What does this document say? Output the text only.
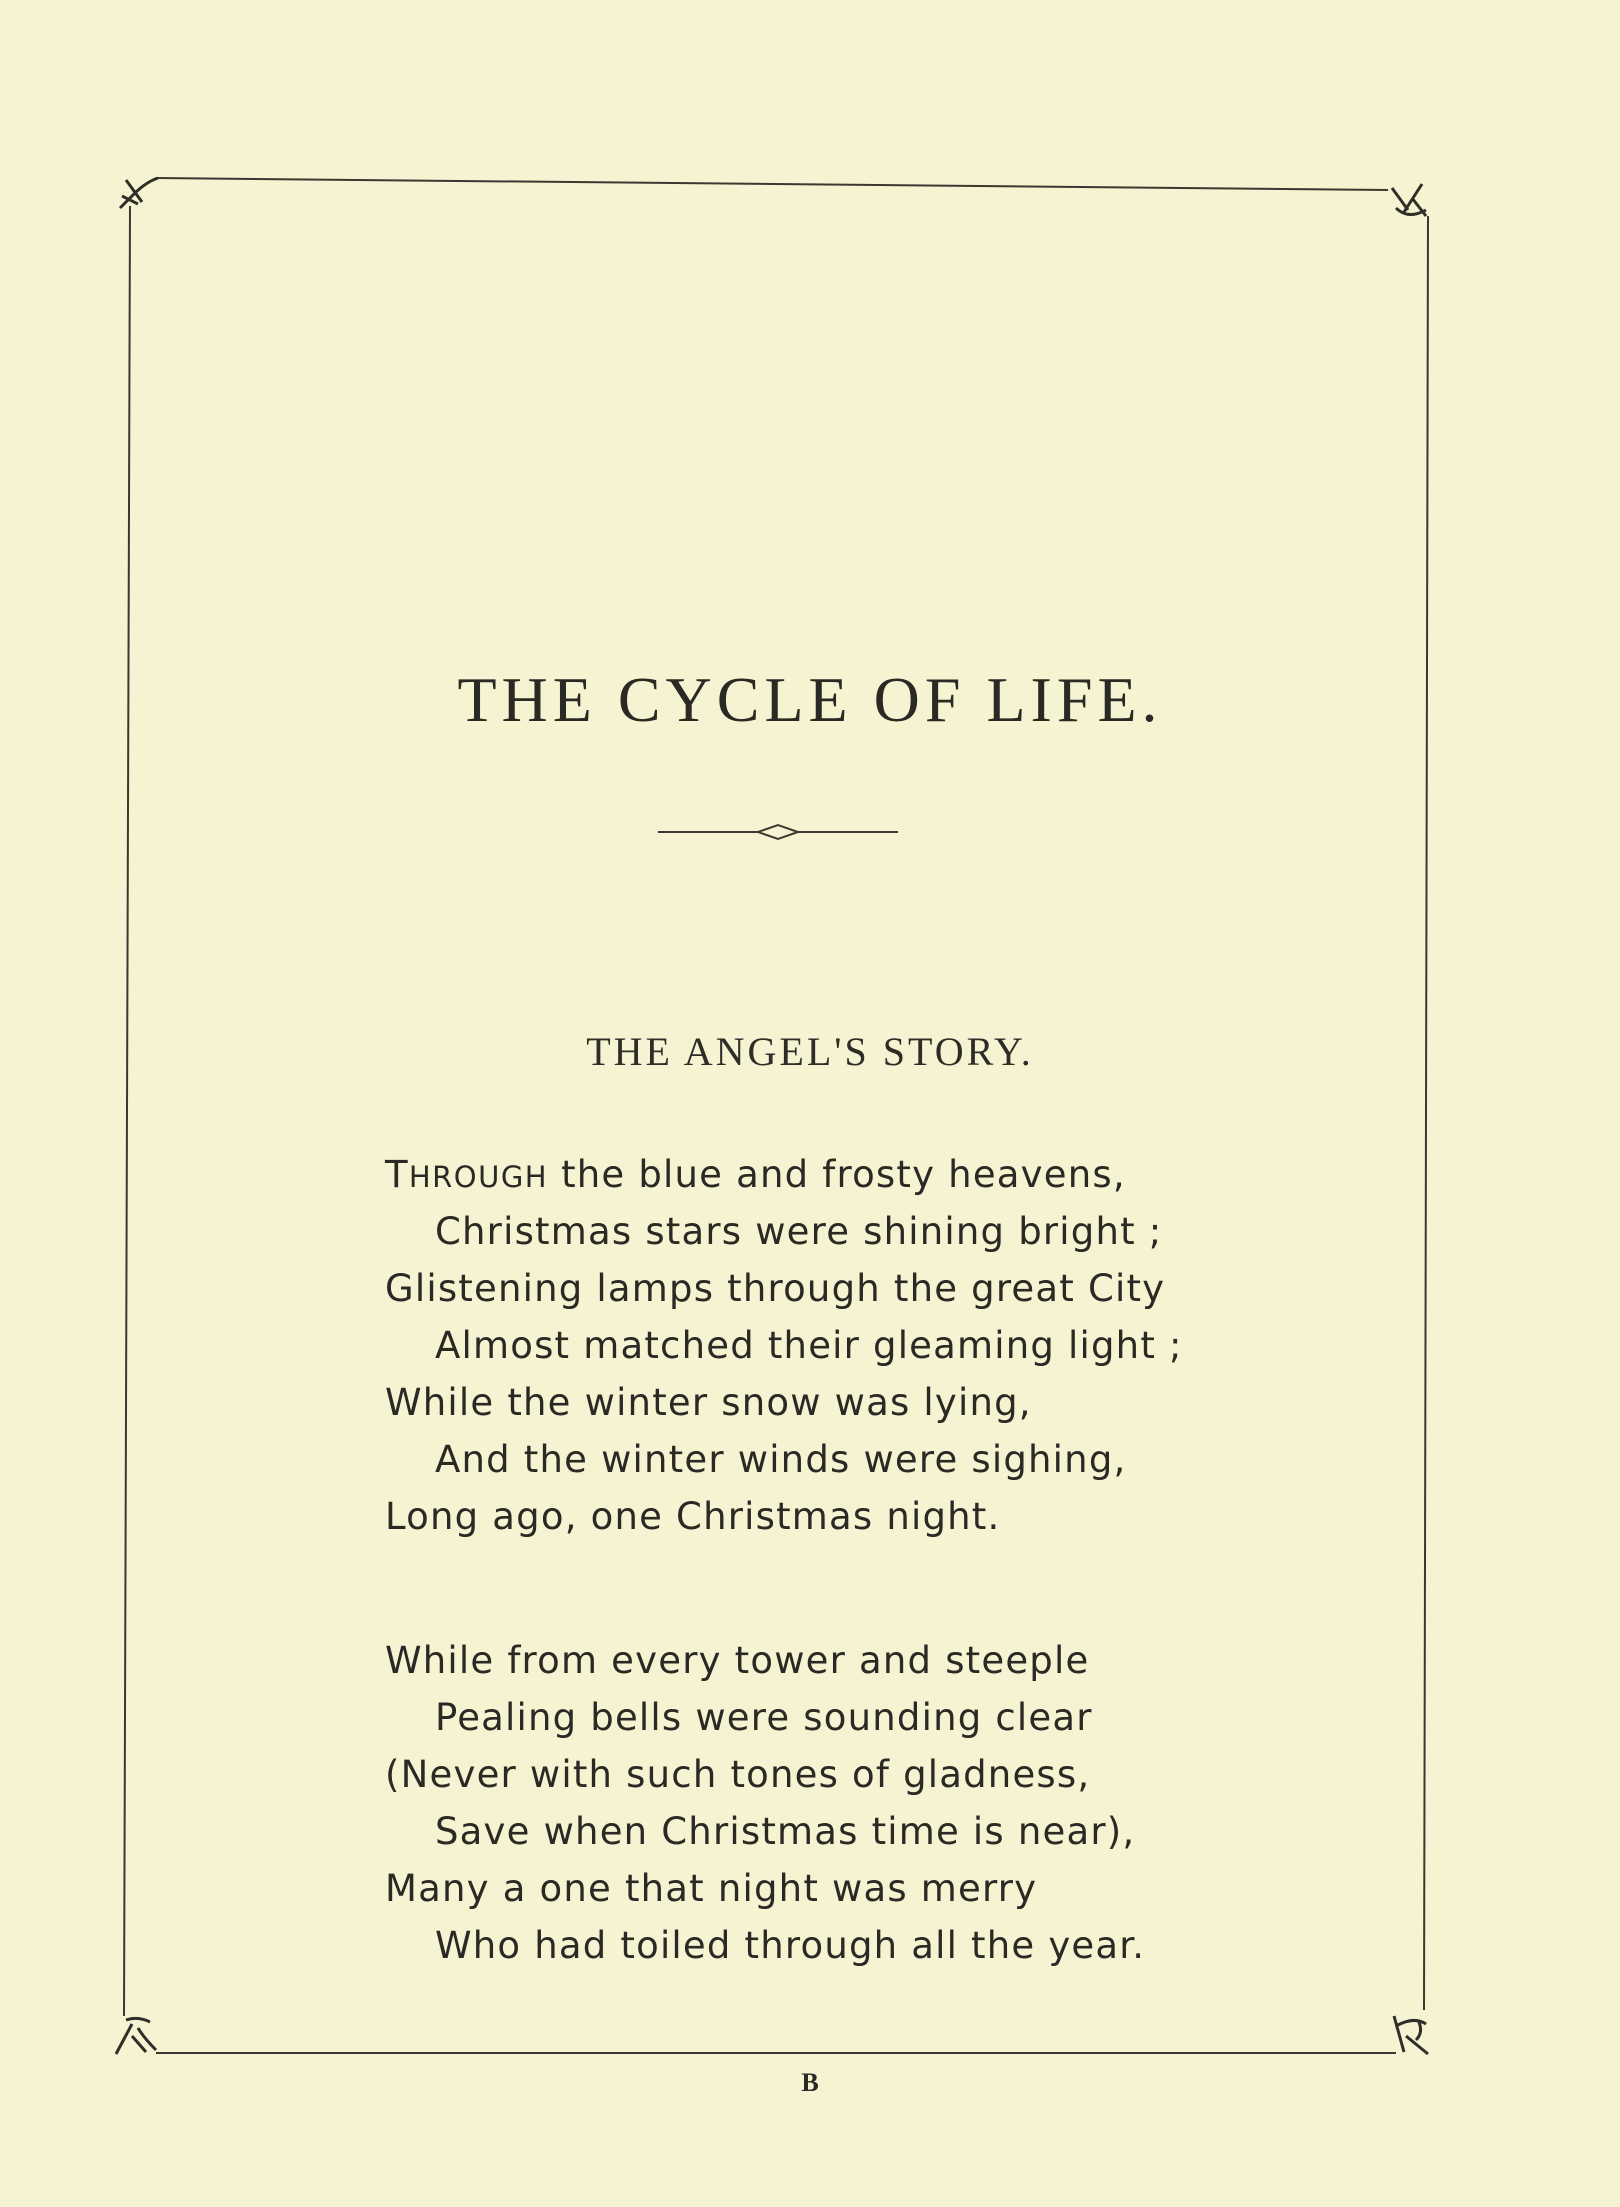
THE CYCLE OF LIFE.
THE ANGEL'S STORY.
THROUGH the blue and frosty heavens,
Christmas stars were shining bright ;
Glistening lamps through the great City
Almost matched their gleaming light ;
While the winter snow was lying,
And the winter winds were sighing,
Long ago, one Christmas night.
While from every tower and steeple
Pealing bells were sounding clear
(Never with such tones of gladness,
Save when Christmas time is near),
Many a one that night was merry
Who had toiled through all the year.
B
